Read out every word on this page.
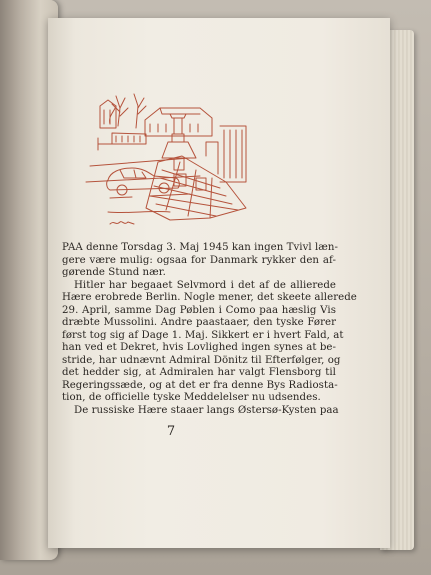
PAA denne Torsdag 3. Maj 1945 kan ingen Tvivl læn-
gere være mulig: ogsaa for Danmark rykker den af-
gørende Stund nær.

Hitler har begaaet Selvmord i det af de allierede
Hære erobrede Berlin. Nogle mener, det skeete allerede
29. April, samme Dag Pøblen i Como paa hæslig Vis
dræbte Mussolini. Andre paastaaer, den tyske Fører
først tog sig af Dage 1. Maj. Sikkert er i hvert Fald, at
han ved et Dekret, hvis Lovlighed ingen synes at be-
stride, har udnævnt Admiral Dönitz til Efterfølger, og
det hedder sig, at Admiralen har valgt Flensborg til
Regeringssæde, og at det er fra denne Bys Radiosta-
tion, de officielle tyske Meddelelser nu udsendes.

De russiske Hære staaer langs Østersø-Kysten paa

7
